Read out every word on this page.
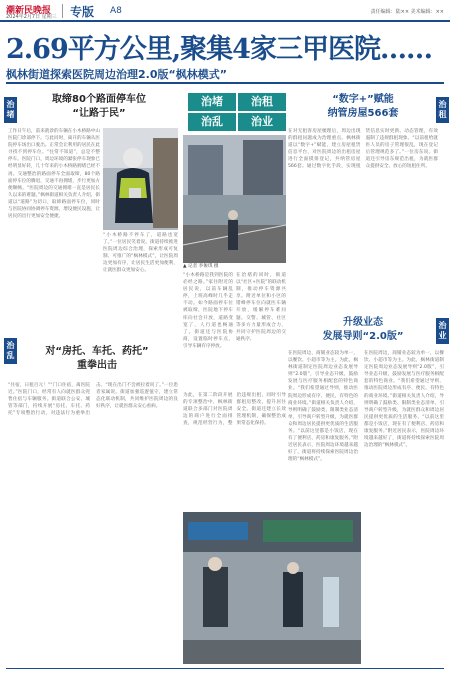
潮新民晚报
2024年2月7日 星期三 专版 A8	责任编辑：陆×× 美术编辑：××
2.69平方公里,聚集4家三甲医院……
枫林街道探索医院周边治理2.0版“枫林模式”
治堵
取缔80个路面停车位
“让路于民”

工作日午后，前来就诊的车辆在小木桥路中山医院门诊部停下。与此同时，离开的车辆从医院停车场出口驶出。正常会让利用的居民在此寻找不到停车位。“往常不知道”，总是不整停车。医院门口，周边环境的紧张停车现象已经明显好转，几十年来的小木桥路拥堵已经不再。交通整治的路面停车全面取缔，80个路面停车位的腾退，交通不再拥堵，步行更加方便顺畅。“医院周边的交通拥堵一直是居民长久以来的难题。”枫林街道相关负责人介绍，街道以“道路”为切口，取缔路面停车位，同时与医院协同协调停车资源，增设便民设施，让居民的出行更加安全便捷。

“小木桥路不停车了，道路也宽了。”一位居民笑着说。街道持续推进医院周边综合治理，探索形成可复制、可推广的“枫林模式”，让医院周边更加有序，让居民生活更加便利，让就医群众更加安心。

治乱	对“房托、车托、药托”
重拳出击

“住宿，日租百元！”“门口住宿，离医院近。”医院门口，经常有人向就医群众兜售住宿与车辆服务。街道联合公安、城管等部门，持续开展“房托、车托、药托”专项整治行动，对违法行为重拳出击。“现在出门不会被拉着问了。”一位患者家属说。街道加强巡逻值守，建立常态化联动机制，共同维护医院周边的良好秩序，让就医群众安心看病。

治堵	治租
治乱	治业
▲ 记者 李俊琪 摄

“小木桥路是我到医院的必经之路。”家住附近的居民说，以前车辆乱停，上班高峰时几乎走不动。如今路面停车位被取缔，医院地下停车库向社会开放，道路变宽了，人行道也畅通了。街道还与医院协商，设置临时停车点，引导车辆有序停放。

在治堵的同时，街道以“社区+医院”的联动机制，推动停车资源共享。附近单位和小区的错峰停车位向就医车辆开放，缓解停车难问题。交警、城管、社区等多方力量形成合力，共同守护医院周边的交通秩序。

为此，在第二阶段开展的专项整治中，枫林街道联合多部门对医院周边的商户进行全面排查，规范经营行为，整治违规出租，同时引导群租房整改，提升居住安全。街道还建立长效管理机制，确保整治成果常态化保持。

治租
“数字+”赋能
纳管房屋566套

在对无租客房屋梳理后，周边出现的群租问题成为治理重点。枫林街道以“数字+”赋能，建立房屋租赁信息平台，对医院周边的出租房屋进行全面摸排登记，共纳管房屋566套。通过数字化手段，实现租赁信息实时更新、动态管理，有效遏制了违规群租现象。“以前租给就医人员的房子管理很乱，现在登记后管理规范多了。”一位房东说。街道还引导房东规范出租，为就医群众提供安全、放心的短租住所。

治业
升级业态
发展导则“2.0版”

在医院周边，商铺业态较为单一，以餐饮、小超市等为主。为此，枫林街道制定医院周边业态发展导则“2.0版”，引导业态升级，鼓励发展与医疗服务相配套的特色商业。“我们希望通过导则，推动医院周边形成有序、便民、有特色的商业环境。”街道相关负责人介绍，导则明确了鼓励类、限制类业态清单，引导商户转型升级，为就医群众和周边居民提供更优质的生活服务。“以前这里都是小饭店，现在有了便利店、药房和康复服务。”附近居民表示，医院周边环境越来越好了，街道将持续探索医院周边治理的“枫林模式”。

在医院周边，商铺业态较为单一，以餐饮、小超市等为主。为此，枫林街道制定医院周边业态发展导则“2.0版”，引导业态升级，鼓励发展与医疗服务相配套的特色商业。“我们希望通过导则，推动医院周边形成有序、便民、有特色的商业环境。”街道相关负责人介绍，导则明确了鼓励类、限制类业态清单，引导商户转型升级，为就医群众和周边居民提供更优质的生活服务。“以前这里都是小饭店，现在有了便利店、药房和康复服务。”附近居民表示，医院周边环境越来越好了，街道将持续探索医院周边治理的“枫林模式”。
